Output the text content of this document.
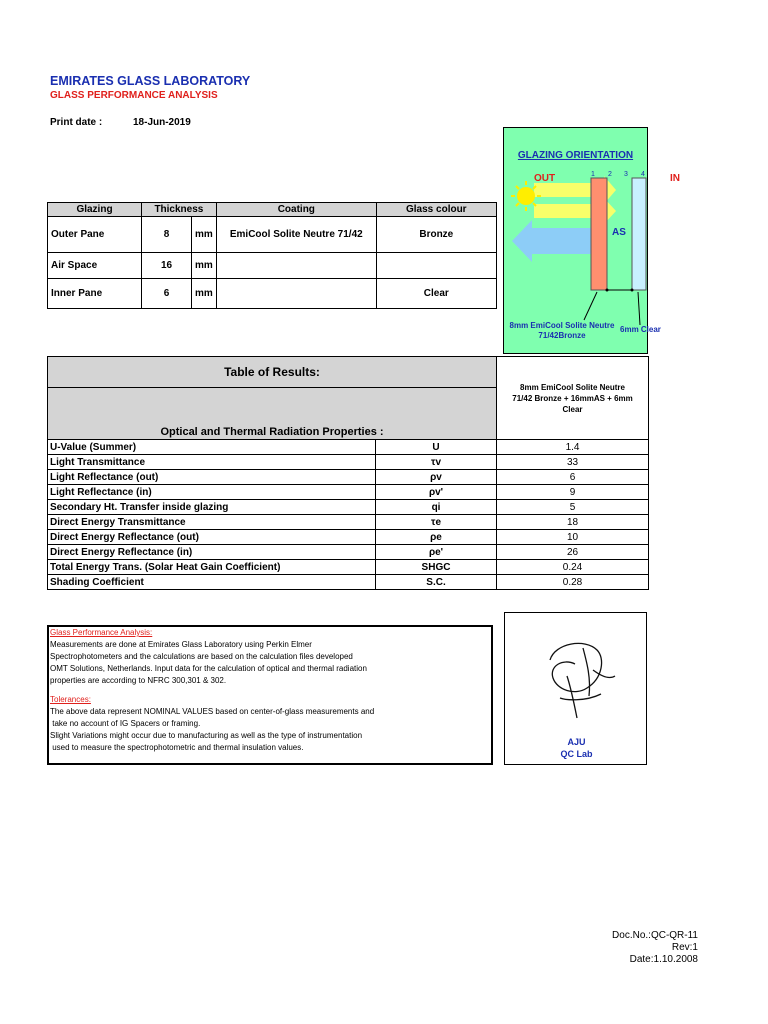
EMIRATES GLASS LABORATORY
GLASS PERFORMANCE ANALYSIS
Print date :	18-Jun-2019
Glazing	Thickness		Coating	Glass colour
Outer Pane	8	mm	EmiCool Solite Neutre 71/42	Bronze
Air Space	16	mm		
Inner Pane	6	mm		Clear
GLAZING ORIENTATION
OUT	IN
1 2 3 4
AS
8mm EmiCool Solite Neutre
71/42Bronze
6mm Clear
Table of Results:		8mm EmiCool Solite Neutre
71/42 Bronze + 16mmAS + 6mm
Clear

Optical and Thermal Radiation Properties :		
U-Value (Summer)	U	1.4
Light Transmittance	τv	33
Light Reflectance (out)	ρv	6
Light Reflectance (in)	ρv'	9
Secondary Ht. Transfer inside glazing	qi	5
Direct Energy Transmittance	τe	18
Direct Energy Reflectance (out)	ρe	10
Direct Energy Reflectance (in)	ρe'	26
Total Energy Trans. (Solar Heat Gain Coefficient)	SHGC	0.24
Shading Coefficient	S.C.	0.28
Glass Performance Analysis:
Measurements are done at Emirates Glass Laboratory using Perkin Elmer
Spectrophotometers and the calculations are based on the calculation files developed
OMT Solutions, Netherlands. Input data for the calculation of optical and thermal radiation
properties are according to NFRC 300,301 & 302.
Tolerances:
The above data represent NOMINAL VALUES based on center-of-glass measurements and
take no account of IG Spacers or framing.
Slight Variations might occur due to manufacturing as well as the type of instrumentation
used to measure the spectrophotometric and thermal insulation values.
AJU
QC Lab
Doc.No.:QC-QR-11
Rev:1
Date:1.10.2008
